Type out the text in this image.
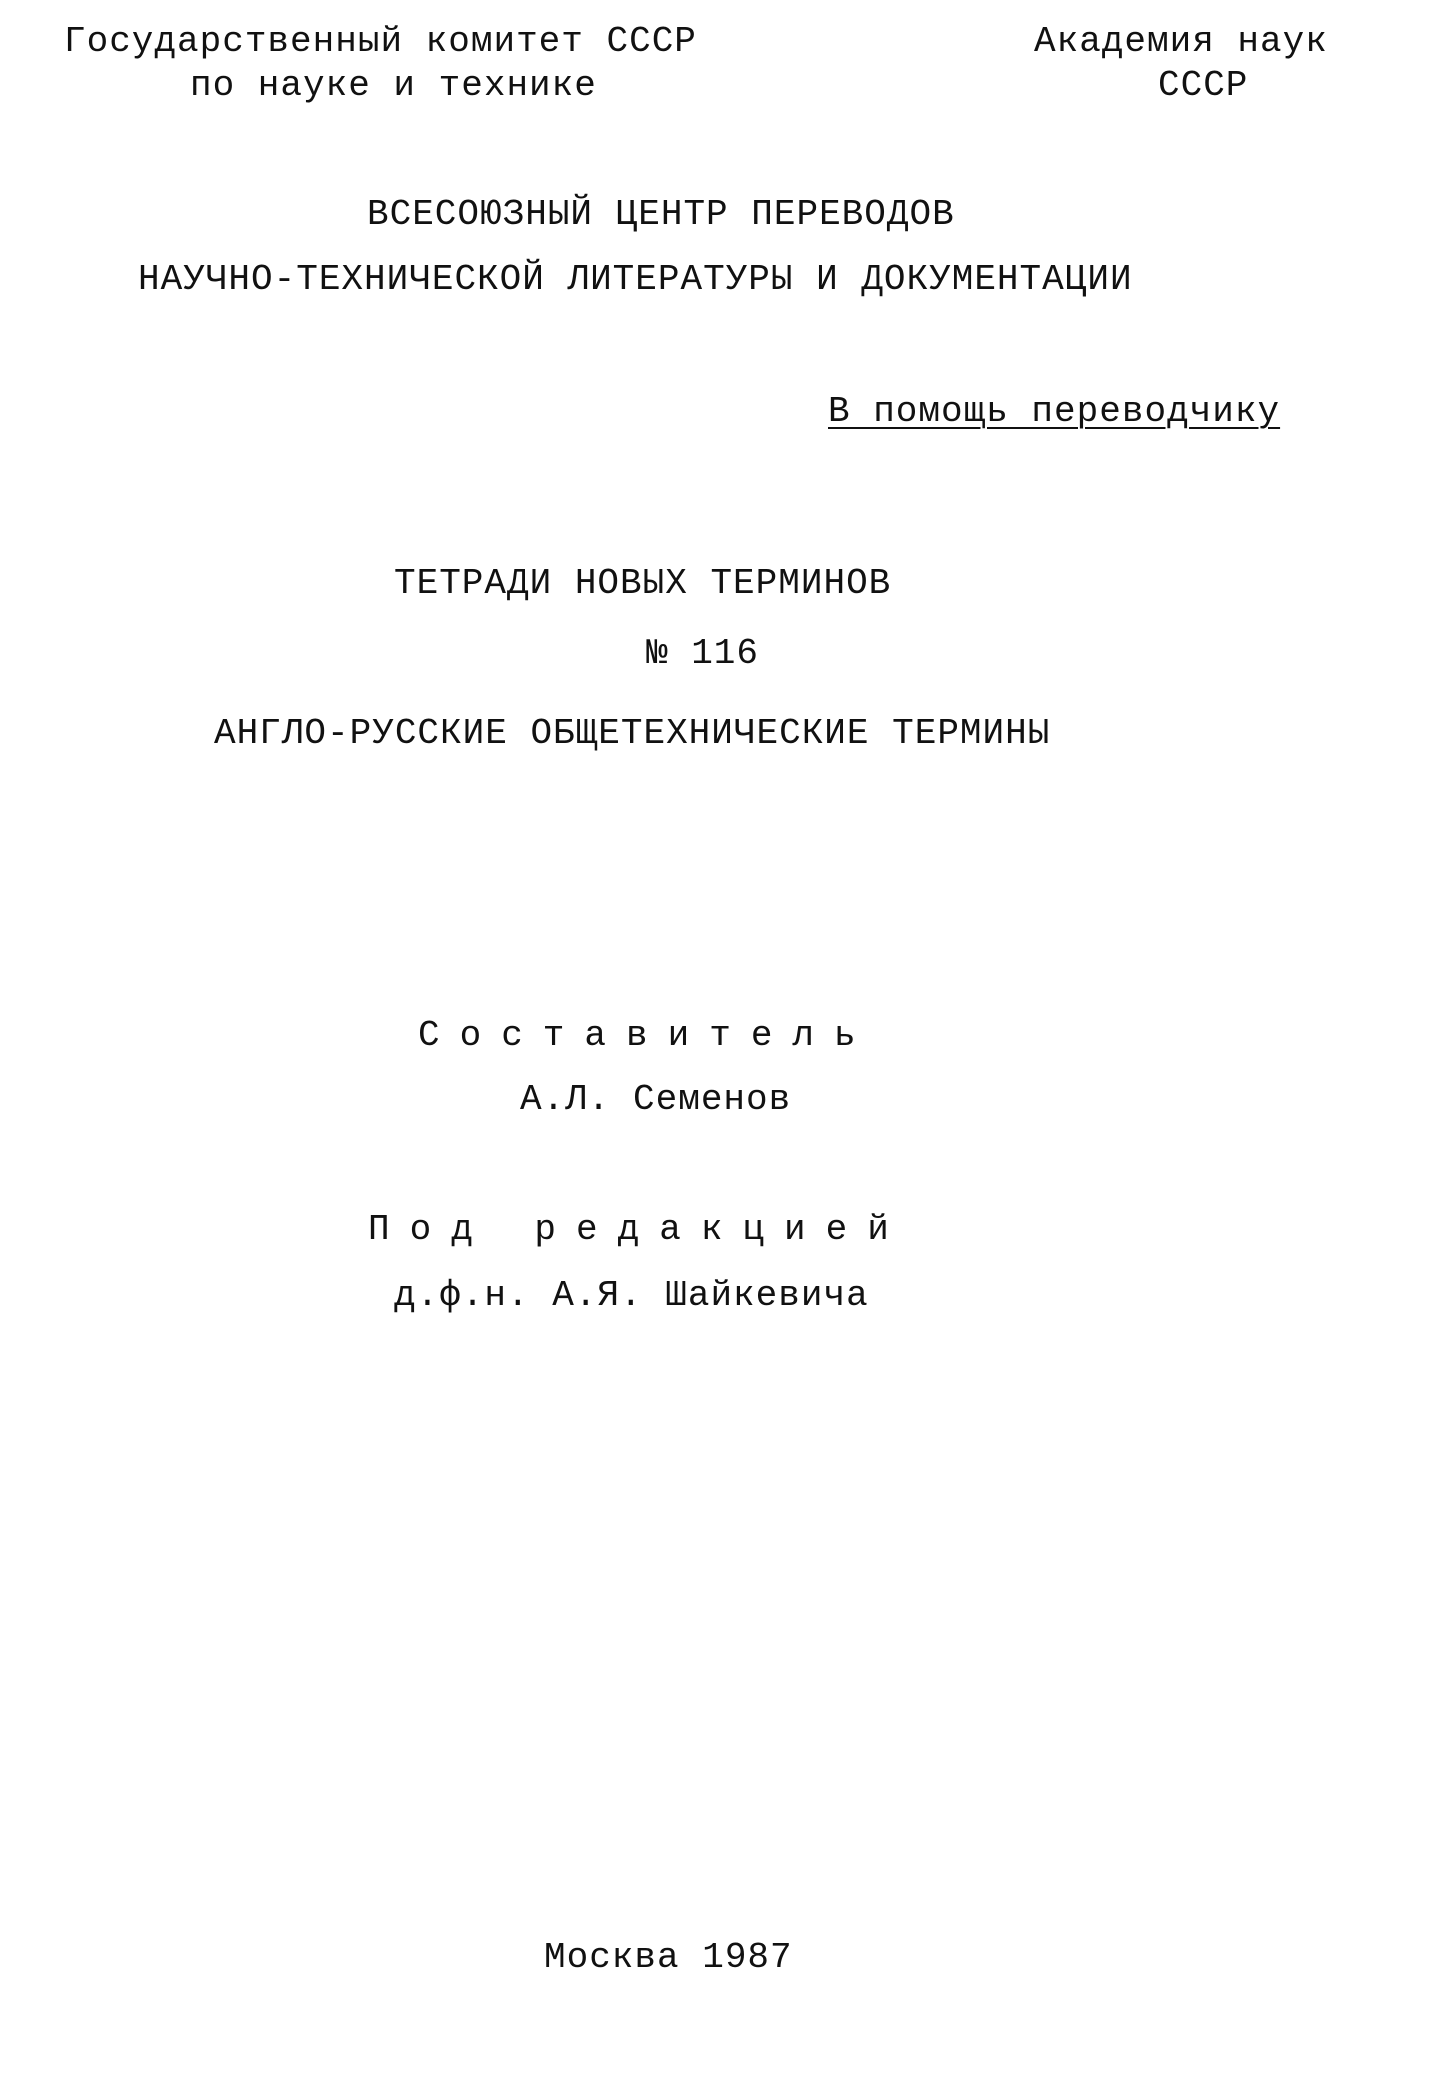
Государственный комитет СССР
по науке и технике
Академия наук
СССР
ВСЕСОЮЗНЫЙ ЦЕНТР ПЕРЕВОДОВ
НАУЧНО-ТЕХНИЧЕСКОЙ ЛИТЕРАТУРЫ И ДОКУМЕНТАЦИИ
В помощь переводчику
ТЕТРАДИ НОВЫХ ТЕРМИНОВ
№ 116
АНГЛО-РУССКИЕ ОБЩЕТЕХНИЧЕСКИЕ ТЕРМИНЫ
Составитель
А.Л. Семенов
Под редакцией
д.ф.н. А.Я. Шайкевича
Москва 1987
